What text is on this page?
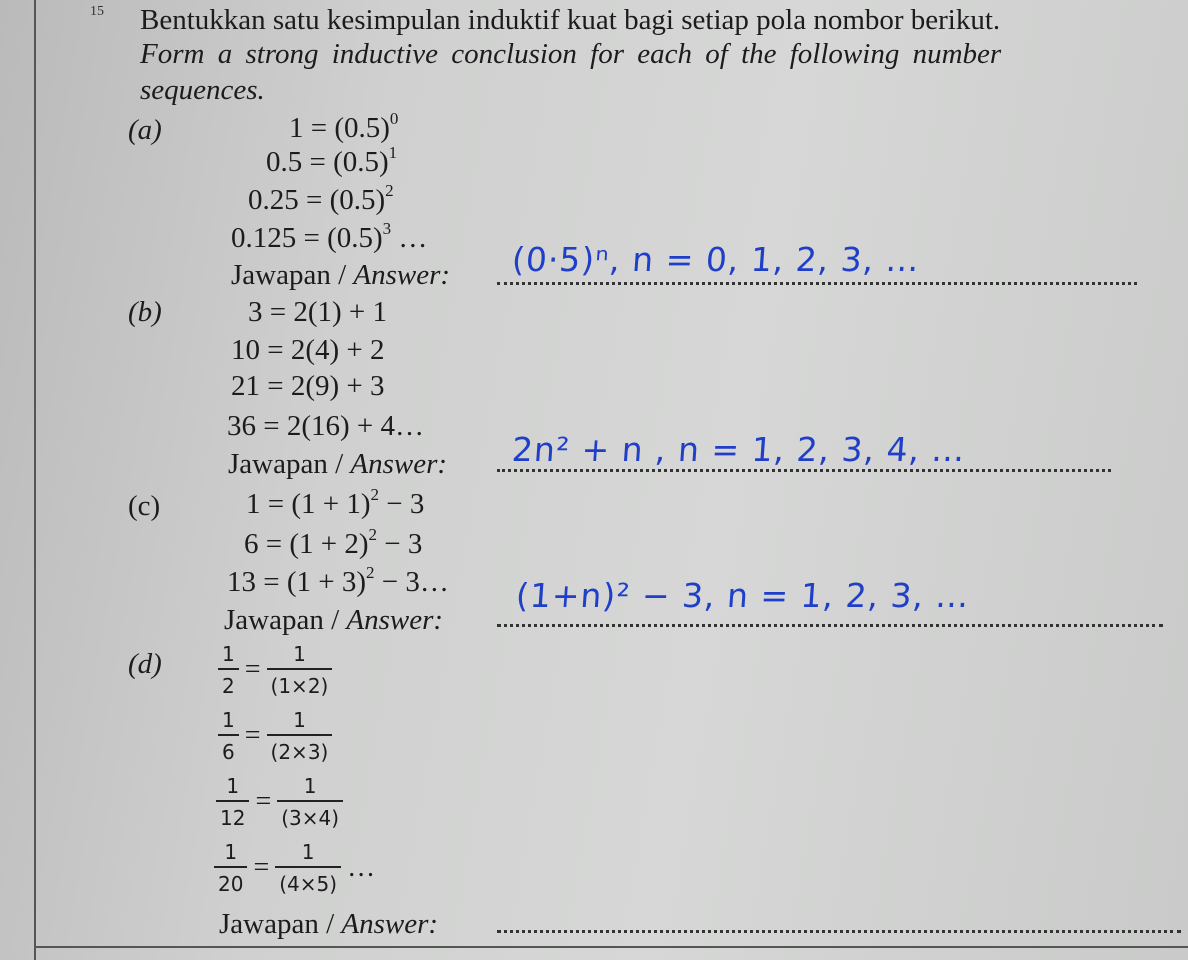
15 Bentukkan satu kesimpulan induktif kuat bagi setiap pola nombor berikut.
Form a strong inductive conclusion for each of the following number
sequences.
(a)	$1 = (0.5)^0$
$0.5 = (0.5)^1$
$0.25 = (0.5)^2$
$0.125 = (0.5)^3$ …
Jawapan / Answer: (0·5)ⁿ, n = 0, 1, 2, 3, …
(b)	3 = 2(1) + 1
10 = 2(4) + 2
21 = 2(9) + 3
36 = 2(16) + 4…
Jawapan / Answer: 2n² + n , n = 1, 2, 3, 4, …
(c)	$1 = (1 + 1)^2 - 3$
$6 = (1 + 2)^2 - 3$
$13 = (1 + 3)^2$ − 3…
Jawapan / Answer:
(1+n)² − 3, n = 1, 2, 3, …
(d)	$\frac{1}{2} = \frac{1}{(1\times 2)}$
$\frac{1}{6} = \frac{1}{(2\times 3)}$
$\frac{1}{12} = \frac{1}{(3\times 4)}$
$\frac{1}{20} = \frac{1}{(4\times 5)}$ …
Jawapan / Answer:
